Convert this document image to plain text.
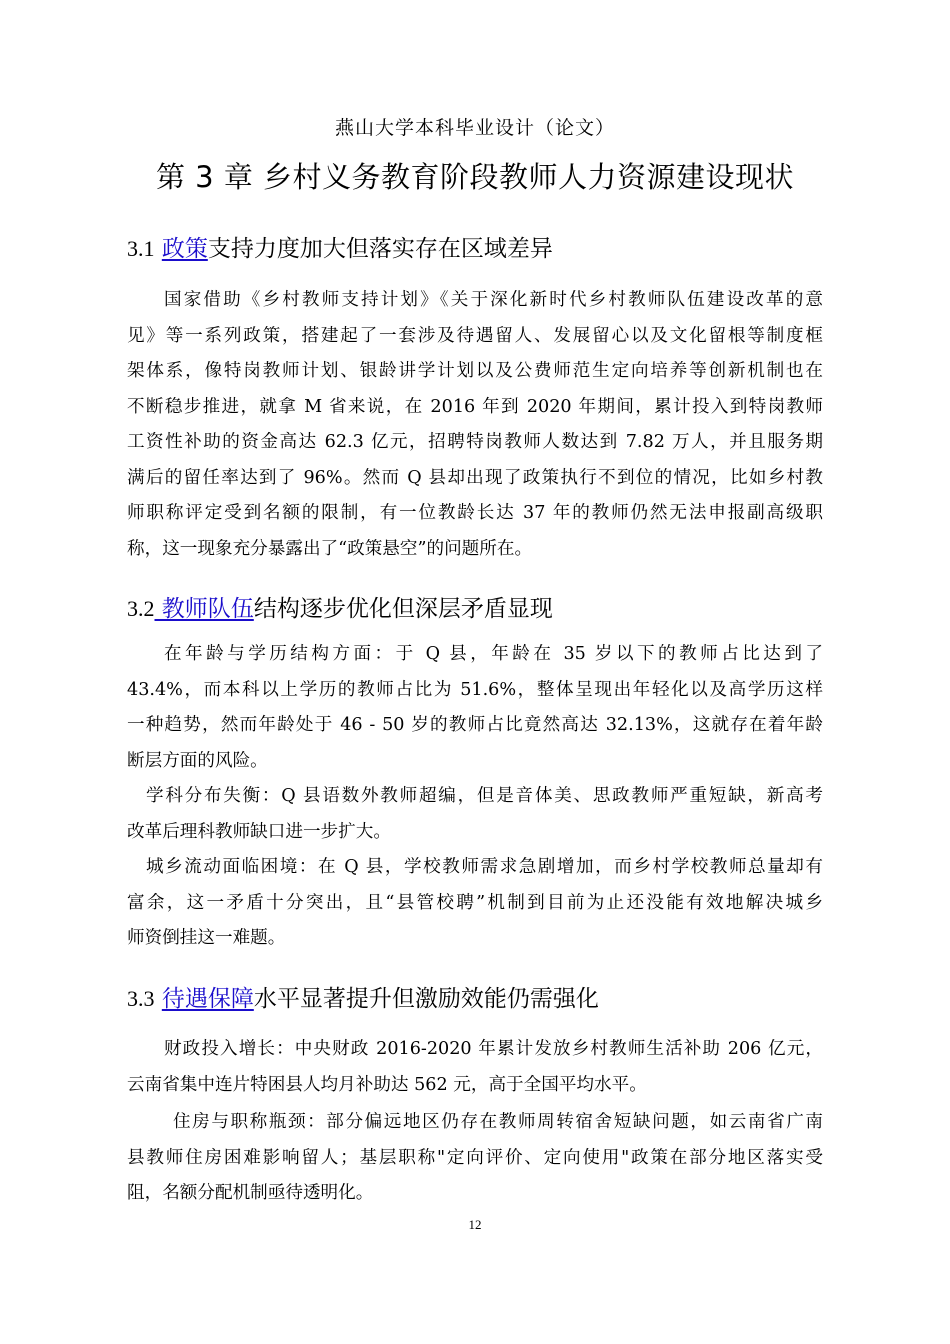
燕山大学本科毕业设计（论文）
第 3 章 乡村义务教育阶段教师人力资源建设现状
3.1 政策支持力度加大但落实存在区域差异
国家借助《乡村教师支持计划》《关于深化新时代乡村教师队伍建设改革的意
见》等一系列政策，搭建起了一套涉及待遇留人、发展留心以及文化留根等制度框
架体系，像特岗教师计划、银龄讲学计划以及公费师范生定向培养等创新机制也在
不断稳步推进，就拿 M 省来说，在 2016 年到 2020 年期间，累计投入到特岗教师
工资性补助的资金高达 62.3 亿元，招聘特岗教师人数达到 7.82 万人，并且服务期
满后的留任率达到了 96%。然而 Q 县却出现了政策执行不到位的情况，比如乡村教
师职称评定受到名额的限制，有一位教龄长达 37 年的教师仍然无法申报副高级职
称，这一现象充分暴露出了“政策悬空”的问题所在。
3.2 教师队伍结构逐步优化但深层矛盾显现
在年龄与学历结构方面：于 Q 县，年龄在 35 岁以下的教师占比达到了
43.4%，而本科以上学历的教师占比为 51.6%，整体呈现出年轻化以及高学历这样
一种趋势，然而年龄处于 46 - 50 岁的教师占比竟然高达 32.13%，这就存在着年龄
断层方面的风险。
学科分布失衡：Q 县语数外教师超编，但是音体美、思政教师严重短缺，新高考
改革后理科教师缺口进一步扩大。
城乡流动面临困境：在 Q 县，学校教师需求急剧增加，而乡村学校教师总量却有
富余，这一矛盾十分突出，且“县管校聘”机制到目前为止还没能有效地解决城乡
师资倒挂这一难题。
3.3 待遇保障水平显著提升但激励效能仍需强化
财政投入增长：中央财政 2016-2020 年累计发放乡村教师生活补助 206 亿元，
云南省集中连片特困县人均月补助达 562 元，高于全国平均水平。
住房与职称瓶颈：部分偏远地区仍存在教师周转宿舍短缺问题，如云南省广南
县教师住房困难影响留人；基层职称"定向评价、定向使用"政策在部分地区落实受
阻，名额分配机制亟待透明化。
12
